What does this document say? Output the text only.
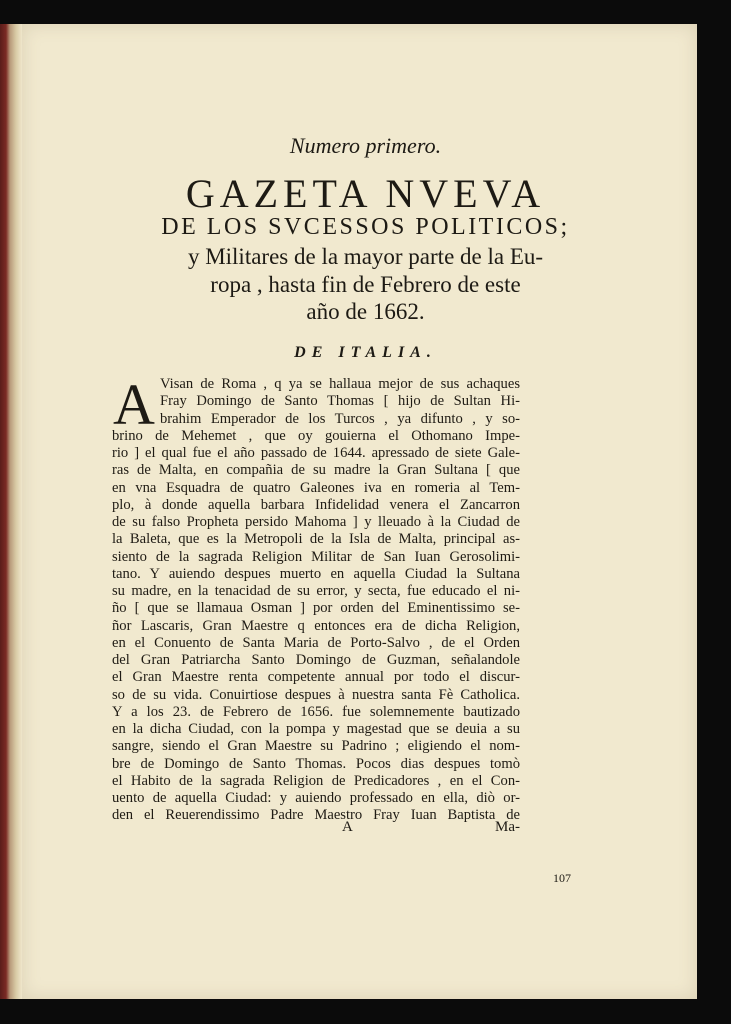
Numero primero.

GAZETA NVEVA

DE LOS SVCESSOS POLITICOS;

y Militares de la mayor parte de la Eu-

ropa , hasta fin de Febrero de este

año de 1662.

DE ITALIA.
A Visan de Roma , q ya se hallaua mejor de sus achaques
Fray Domingo de Santo Thomas [ hijo de Sultan Hi-
brahim Emperador de los Turcos , ya difunto , y so-
brino de Mehemet , que oy gouierna el Othomano Impe-
rio ] el qual fue el año passado de 1644. apressado de siete Gale-
ras de Malta, en compañia de su madre la Gran Sultana [ que
en vna Esquadra de quatro Galeones iva en romeria al Tem-
plo, à donde aquella barbara Infidelidad venera el Zancarron
de su falso Propheta persido Mahoma ] y lleuado à la Ciudad de
la Baleta, que es la Metropoli de la Isla de Malta, principal as-
siento de la sagrada Religion Militar de San Iuan Gerosolimi-
tano. Y auiendo despues muerto en aquella Ciudad la Sultana
su madre, en la tenacidad de su error, y secta, fue educado el ni-
ño [ que se llamaua Osman ] por orden del Eminentissimo se-
ñor Lascaris, Gran Maestre q entonces era de dicha Religion,
en el Conuento de Santa Maria de Porto-Salvo , de el Orden
del Gran Patriarcha Santo Domingo de Guzman, señalandole
el Gran Maestre renta competente annual por todo el discur-
so de su vida. Conuirtiose despues à nuestra santa Fè Catholica.
Y a los 23. de Febrero de 1656. fue solemnemente bautizado
en la dicha Ciudad, con la pompa y magestad que se deuia a su
sangre, siendo el Gran Maestre su Padrino ; eligiendo el nom-
bre de Domingo de Santo Thomas. Pocos dias despues tomò
el Habito de la sagrada Religion de Predicadores , en el Con-
uento de aquella Ciudad: y auiendo professado en ella, diò or-
den el Reuerendissimo Padre Maestro Fray Iuan Baptista de
A	Ma-
107
